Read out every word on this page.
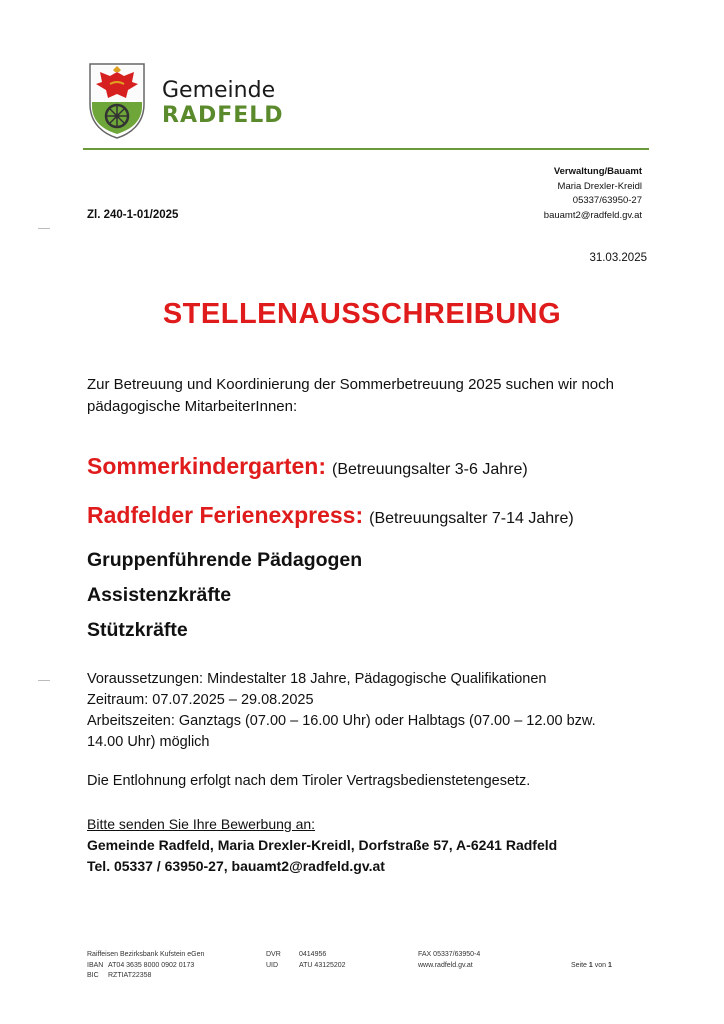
Gemeinde
RADFELD
Verwaltung/Bauamt
Maria Drexler-Kreidl
05337/63950-27
bauamt2@radfeld.gv.at
Zl. 240-1-01/2025
31.03.2025
STELLENAUSSCHREIBUNG
Zur Betreuung und Koordinierung der Sommerbetreuung 2025 suchen wir noch pädagogische MitarbeiterInnen:
Sommerkindergarten: (Betreuungsalter 3-6 Jahre)
Radfelder Ferienexpress: (Betreuungsalter 7-14 Jahre)
Gruppenführende Pädagogen
Assistenzkräfte
Stützkräfte
Voraussetzungen: Mindestalter 18 Jahre, Pädagogische Qualifikationen
Zeitraum: 07.07.2025 – 29.08.2025
Arbeitszeiten: Ganztags (07.00 – 16.00 Uhr) oder Halbtags (07.00 – 12.00 bzw.
14.00 Uhr) möglich
Die Entlohnung erfolgt nach dem Tiroler Vertragsbedienstetengesetz.
Bitte senden Sie Ihre Bewerbung an:
Gemeinde Radfeld, Maria Drexler-Kreidl, Dorfstraße 57, A-6241 Radfeld
Tel. 05337 / 63950-27, bauamt2@radfeld.gv.at
Raiffeisen Bezirksbank Kufstein eGen
IBAN AT04 3635 8000 0902 0173
BIC RZTIAT22358
DVR	0414956
UID	ATU 43125202
FAX 05337/63950-4
www.radfeld.gv.at	Seite 1 von 1
